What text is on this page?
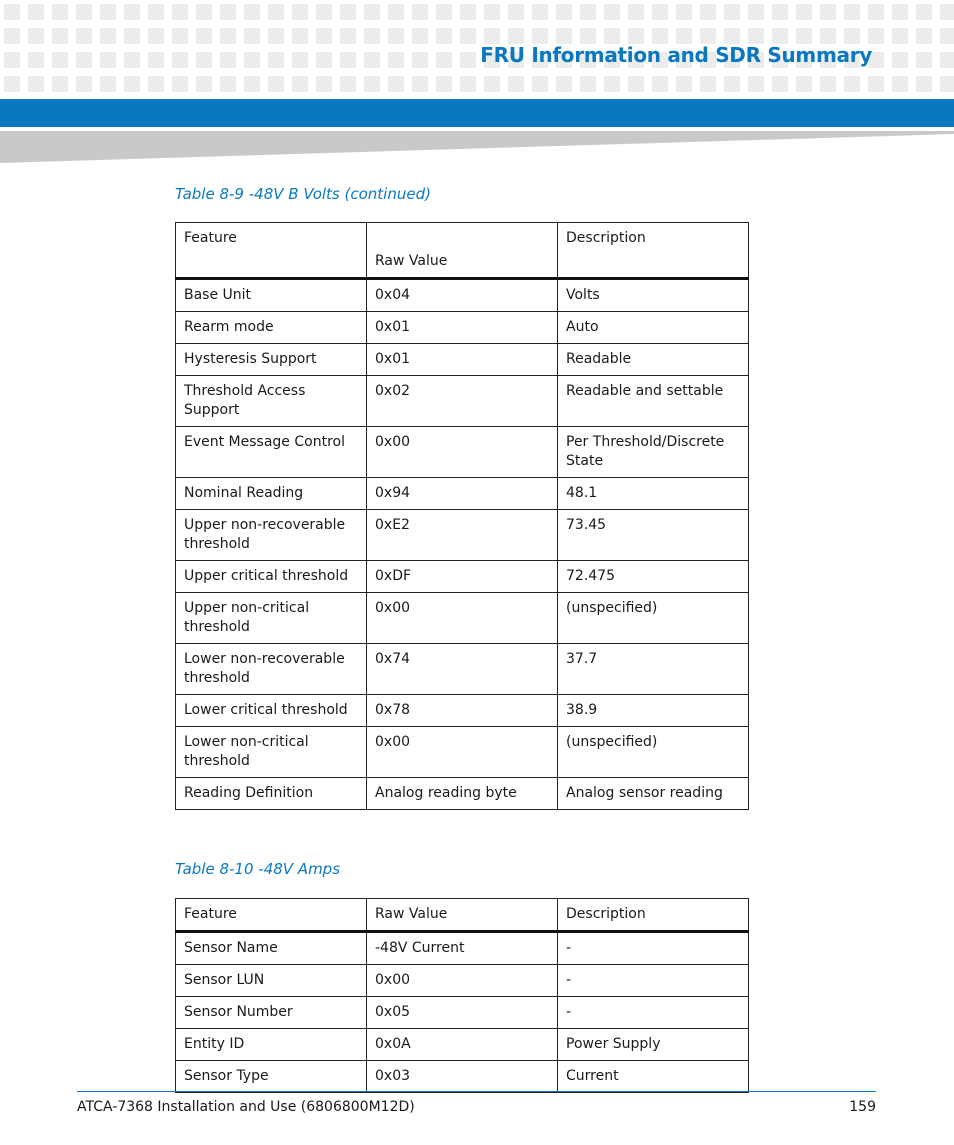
FRU Information and SDR Summary

Table 8-9 -48V B Volts (continued)

Feature	Raw Value	Description
Base Unit	0x04	Volts
Rearm mode	0x01	Auto
Hysteresis Support	0x01	Readable
Threshold Access Support	0x02	Readable and settable
Event Message Control	0x00	Per Threshold/Discrete State
Nominal Reading	0x94	48.1
Upper non-recoverable threshold	0xE2	73.45
Upper critical threshold	0xDF	72.475
Upper non-critical threshold	0x00	(unspecified)
Lower non-recoverable threshold	0x74	37.7
Lower critical threshold	0x78	38.9
Lower non-critical threshold	0x00	(unspecified)
Reading Definition	Analog reading byte	Analog sensor reading

Table 8-10 -48V Amps

Feature	Raw Value	Description
Sensor Name	-48V Current	-
Sensor LUN	0x00	-
Sensor Number	0x05	-
Entity ID	0x0A	Power Supply
Sensor Type	0x03	Current

ATCA-7368 Installation and Use (6806800M12D)	159
